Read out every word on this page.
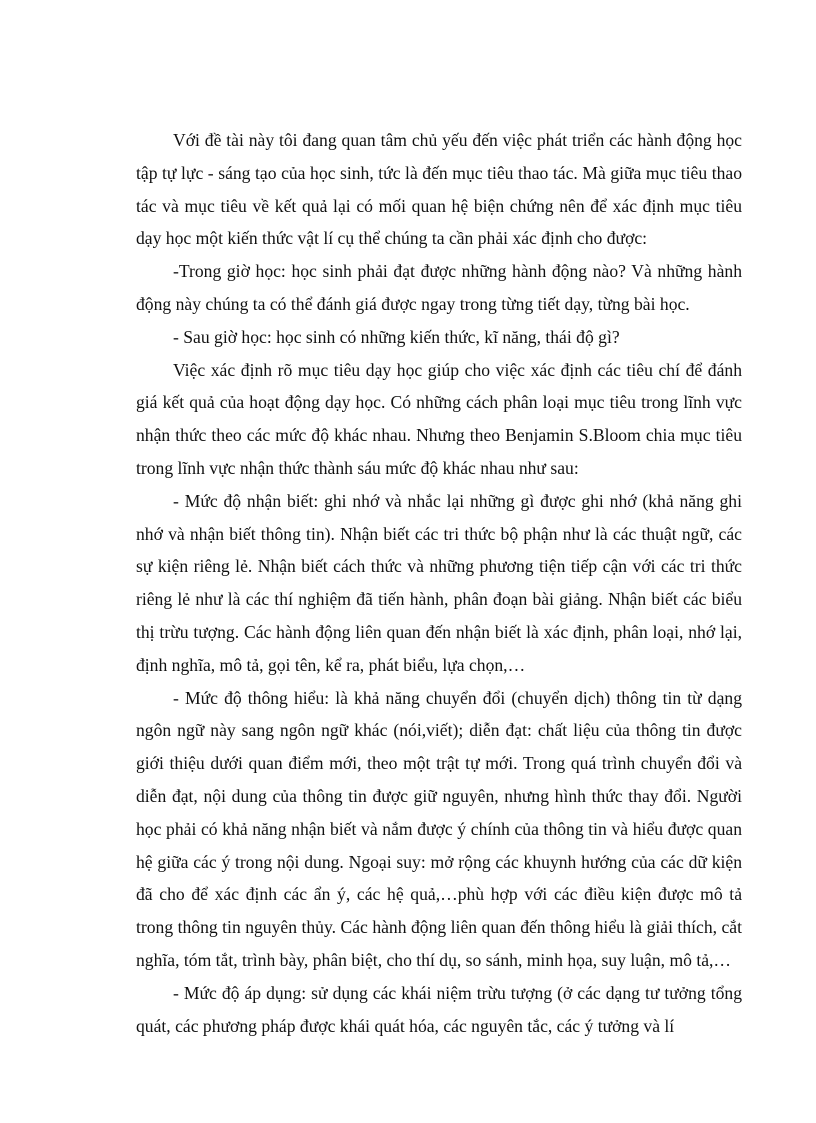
Với đề tài này tôi đang quan tâm chủ yếu đến việc phát triển các hành động học tập tự lực - sáng tạo của học sinh, tức là đến mục tiêu thao tác. Mà giữa mục tiêu thao tác và mục tiêu về kết quả lại có mối quan hệ biện chứng nên để xác định mục tiêu dạy học một kiến thức vật lí cụ thể chúng ta cần phải xác định cho được:

-Trong giờ học: học sinh phải đạt được những hành động nào? Và những hành động này chúng ta có thể đánh giá được ngay trong từng tiết dạy, từng bài học.

- Sau giờ học: học sinh có những kiến thức, kĩ năng, thái độ gì?

Việc xác định rõ mục tiêu dạy học giúp cho việc xác định các tiêu chí để đánh giá kết quả của hoạt động dạy học. Có những cách phân loại mục tiêu trong lĩnh vực nhận thức theo các mức độ khác nhau. Nhưng theo Benjamin S.Bloom chia mục tiêu trong lĩnh vực nhận thức thành sáu mức độ khác nhau như sau:

- Mức độ nhận biết: ghi nhớ và nhắc lại những gì được ghi nhớ (khả năng ghi nhớ và nhận biết thông tin). Nhận biết các tri thức bộ phận như là các thuật ngữ, các sự kiện riêng lẻ. Nhận biết cách thức và những phương tiện tiếp cận với các tri thức riêng lẻ như là các thí nghiệm đã tiến hành, phân đoạn bài giảng. Nhận biết các biểu thị trừu tượng. Các hành động liên quan đến nhận biết là xác định, phân loại, nhớ lại, định nghĩa, mô tả, gọi tên, kể ra, phát biểu, lựa chọn,…

- Mức độ thông hiểu: là khả năng chuyển đổi (chuyển dịch) thông tin từ dạng ngôn ngữ này sang ngôn ngữ khác (nói,viết); diễn đạt: chất liệu của thông tin được giới thiệu dưới quan điểm mới, theo một trật tự mới. Trong quá trình chuyển đổi và diễn đạt, nội dung của thông tin được giữ nguyên, nhưng hình thức thay đổi. Người học phải có khả năng nhận biết và nắm được ý chính của thông tin và hiểu được quan hệ giữa các ý trong nội dung. Ngoại suy: mở rộng các khuynh hướng của các dữ kiện đã cho để xác định các ẩn ý, các hệ quả,…phù hợp với các điều kiện được mô tả trong thông tin nguyên thủy. Các hành động liên quan đến thông hiểu là giải thích, cắt nghĩa, tóm tắt, trình bày, phân biệt, cho thí dụ, so sánh, minh họa, suy luận, mô tả,…

- Mức độ áp dụng: sử dụng các khái niệm trừu tượng (ở các dạng tư tưởng tổng quát, các phương pháp được khái quát hóa, các nguyên tắc, các ý tưởng và lí
